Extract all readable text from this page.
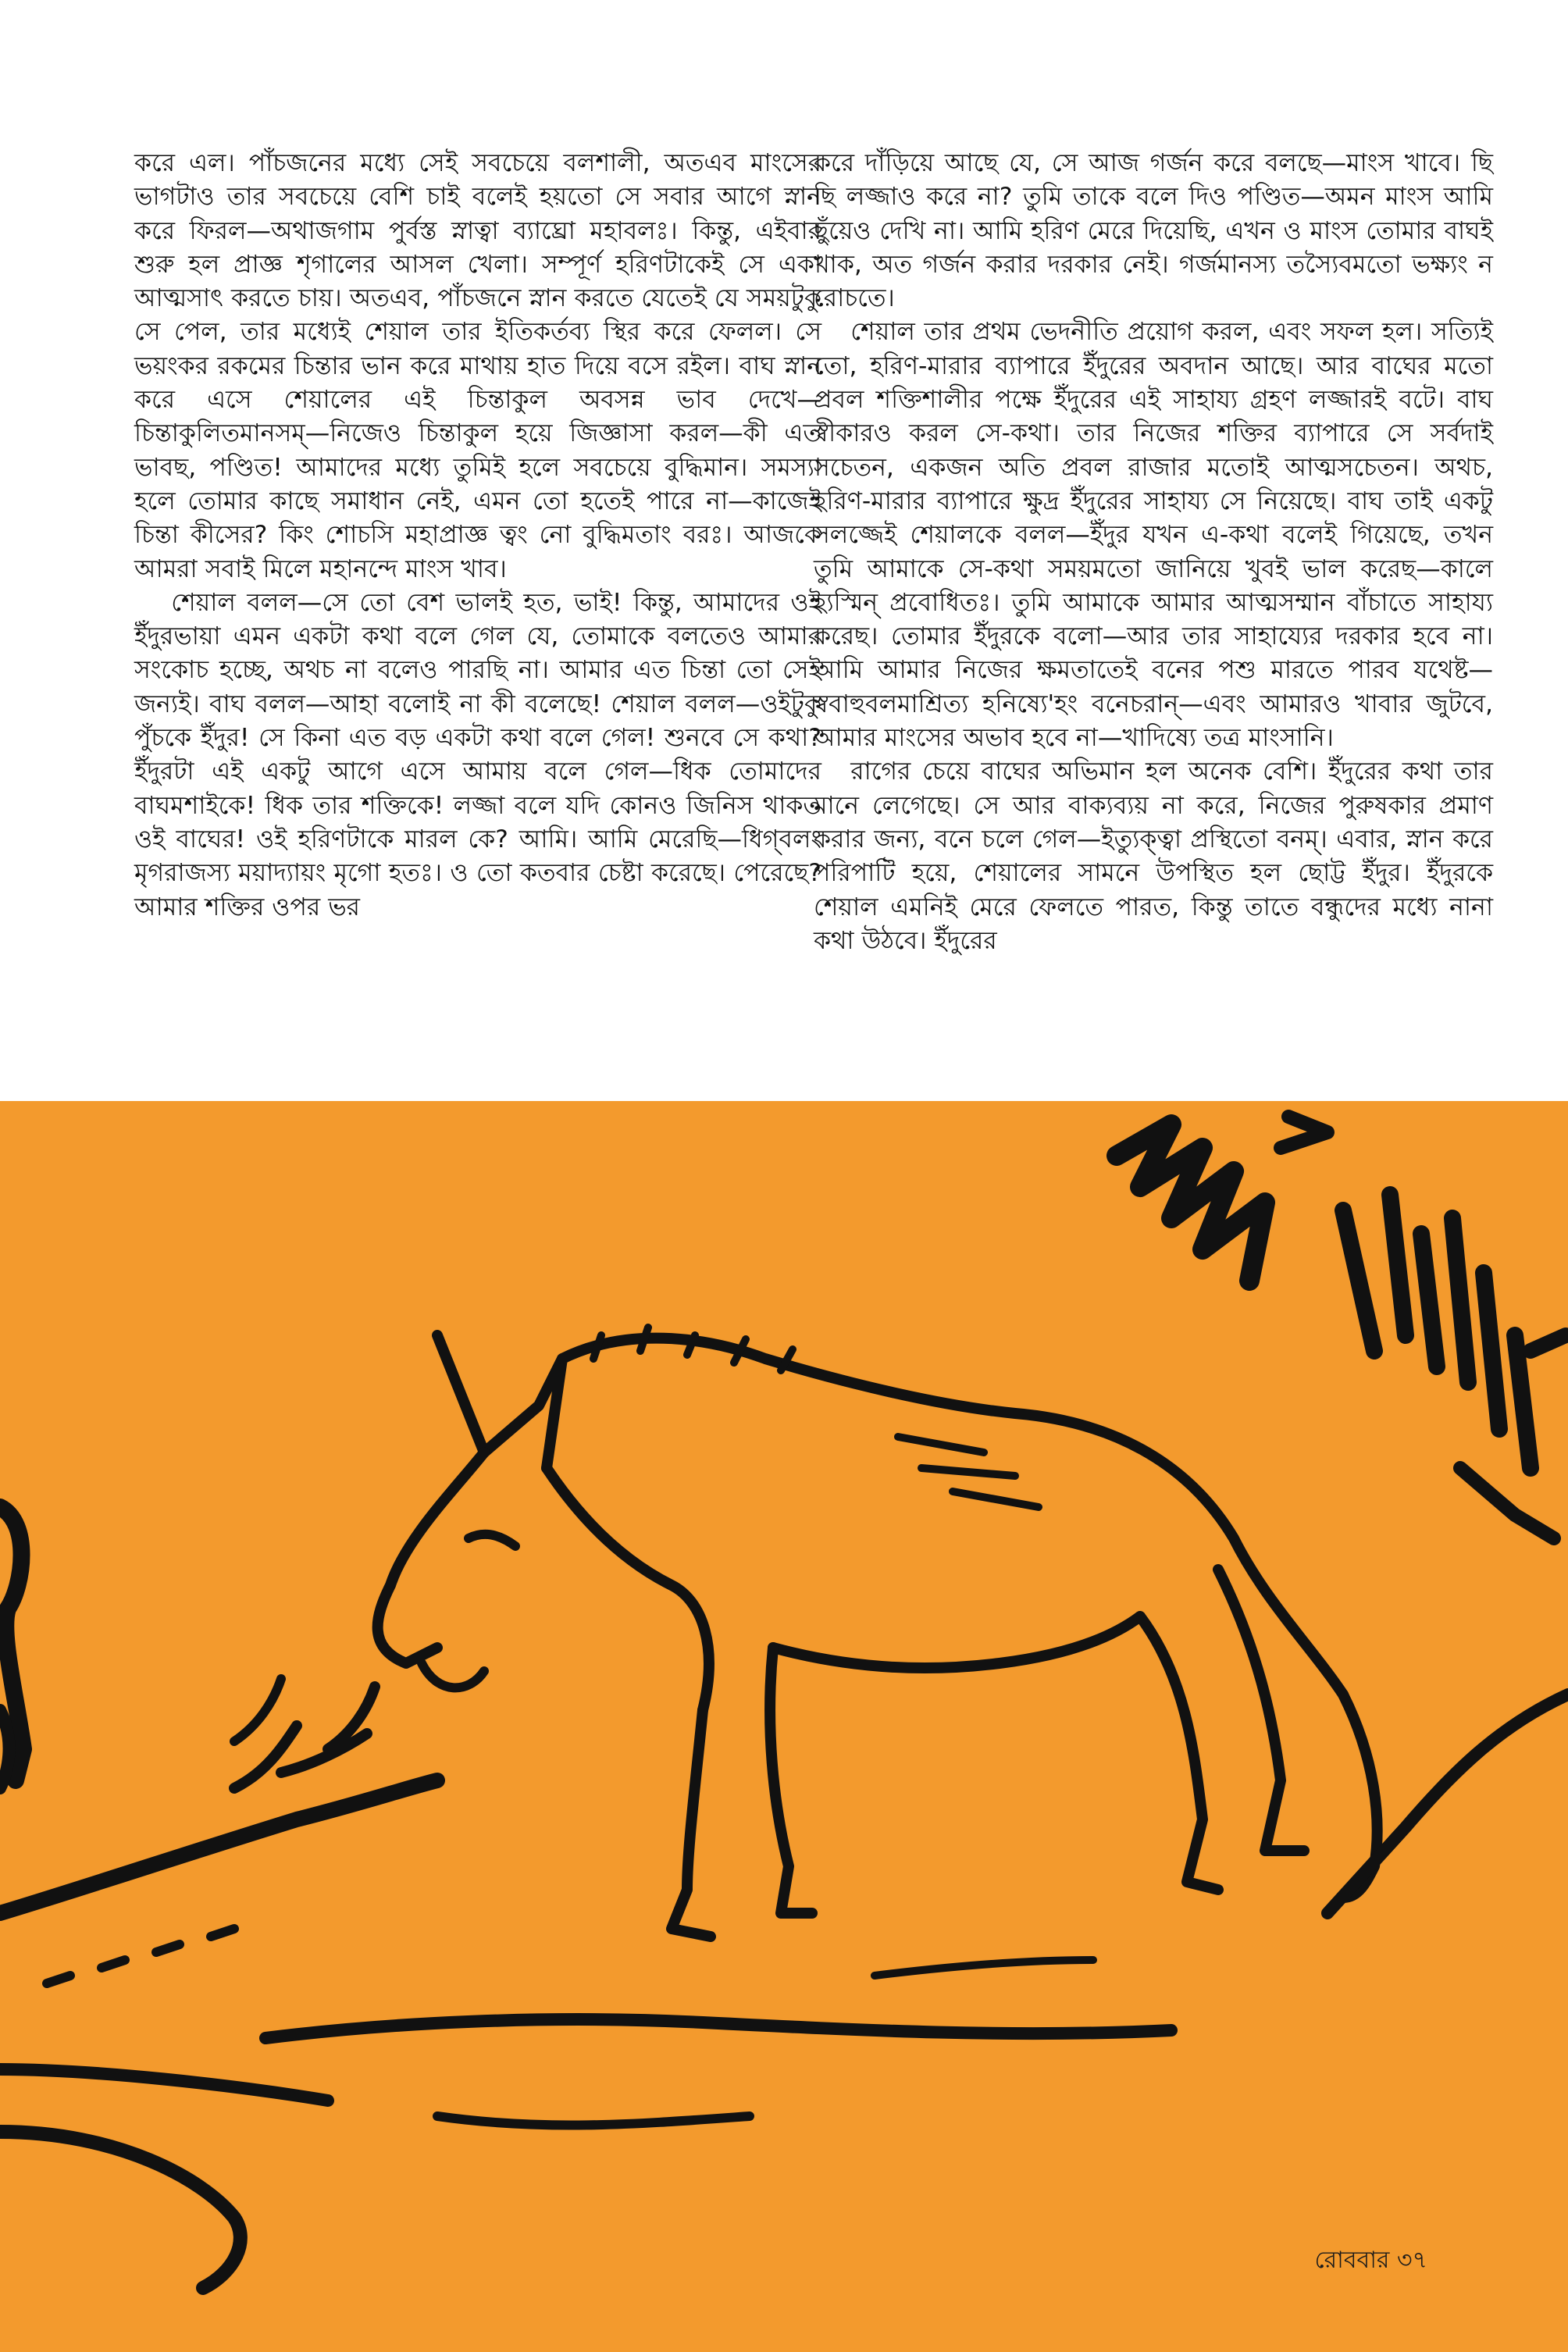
করে এল। পাঁচজনের মধ্যে সেই সবচেয়ে বলশালী, অতএব মাংসের ভাগটাও তার সবচেয়ে বেশি চাই বলেই হয়তো সে সবার আগে স্নান করে ফিরল—অথাজগাম পুর্বস্ত স্নাত্বা ব্যাঘ্রো মহাবলঃ। কিন্তু, এইবার শুরু হল প্রাজ্ঞ শৃগালের আসল খেলা। সম্পূর্ণ হরিণটাকেই সে একা আত্মসাৎ করতে চায়। অতএব, পাঁচজনে স্নান করতে যেতেই যে সময়টুকু সে পেল, তার মধ্যেই শেয়াল তার ইতিকর্তব্য স্থির করে ফেলল। সে ভয়ংকর রকমের চিন্তার ভান করে মাথায় হাত দিয়ে বসে রইল। বাঘ স্নান করে এসে শেয়ালের এই চিন্তাকুল অবসন্ন ভাব দেখে—চিন্তাকুলিতমানসম্—নিজেও চিন্তাকুল হয়ে জিজ্ঞাসা করল—কী এত ভাবছ, পণ্ডিত! আমাদের মধ্যে তুমিই হলে সবচেয়ে বুদ্ধিমান। সমস্যা হলে তোমার কাছে সমাধান নেই, এমন তো হতেই পারে না—কাজেই চিন্তা কীসের? কিং শোচসি মহাপ্রাজ্ঞ ত্বং নো বুদ্ধিমতাং বরঃ। আজকে আমরা সবাই মিলে মহানন্দে মাংস খাব।

শেয়াল বলল—সে তো বেশ ভালই হত, ভাই! কিন্তু, আমাদের ওই ইঁদুরভায়া এমন একটা কথা বলে গেল যে, তোমাকে বলতেও আমার সংকোচ হচ্ছে, অথচ না বলেও পারছি না। আমার এত চিন্তা তো সেই জন্যই। বাঘ বলল—আহা বলোই না কী বলেছে! শেয়াল বলল—ওইটুকু পুঁচকে ইঁদুর! সে কিনা এত বড় একটা কথা বলে গেল! শুনবে সে কথা? ইঁদুরটা এই একটু আগে এসে আমায় বলে গেল—ধিক তোমাদের বাঘমশাইকে! ধিক তার শক্তিকে! লজ্জা বলে যদি কোনও জিনিস থাকত ওই বাঘের! ওই হরিণটাকে মারল কে? আমি। আমি মেরেছি—ধিগ্‌বলং মৃগরাজস্য ময়াদ্যায়ং মৃগো হতঃ। ও তো কতবার চেষ্টা করেছে। পেরেছে? আমার শক্তির ওপর ভর

করে দাঁড়িয়ে আছে যে, সে আজ গর্জন করে বলছে—মাংস খাবে। ছি ছি লজ্জাও করে না? তুমি তাকে বলে দিও পণ্ডিত—অমন মাংস আমি ছুঁয়েও দেখি না। আমি হরিণ মেরে দিয়েছি, এখন ও মাংস তোমার বাঘই খাক, অত গর্জন করার দরকার নেই। গর্জমানস্য তস্যৈবমতো ভক্ষ্যং ন রোচতে।

শেয়াল তার প্রথম ভেদনীতি প্রয়োগ করল, এবং সফল হল। সত্যিই তো, হরিণ-মারার ব্যাপারে ইঁদুরের অবদান আছে। আর বাঘের মতো প্রবল শক্তিশালীর পক্ষে ইঁদুরের এই সাহায্য গ্রহণ লজ্জারই বটে। বাঘ স্বীকারও করল সে-কথা। তার নিজের শক্তির ব্যাপারে সে সর্বদাই সচেতন, একজন অতি প্রবল রাজার মতোই আত্মসচেতন। অথচ, হরিণ-মারার ব্যাপারে ক্ষুদ্র ইঁদুরের সাহায্য সে নিয়েছে। বাঘ তাই একটু সলজ্জেই শেয়ালকে বলল—ইঁদুর যখন এ-কথা বলেই গিয়েছে, তখন তুমি আমাকে সে-কথা সময়মতো জানিয়ে খুবই ভাল করেছ—কালে হ্যস্মিন্ প্রবোধিতঃ। তুমি আমাকে আমার আত্মসম্মান বাঁচাতে সাহায্য করেছ। তোমার ইঁদুরকে বলো—আর তার সাহায্যের দরকার হবে না। আমি আমার নিজের ক্ষমতাতেই বনের পশু মারতে পারব যথেষ্ট—স্ববাহুবলমাশ্রিত্য হনিষ্যে'হং বনেচরান্—এবং আমারও খাবার জুটবে, আমার মাংসের অভাব হবে না—খাদিষ্যে তত্র মাংসানি।

রাগের চেয়ে বাঘের অভিমান হল অনেক বেশি। ইঁদুরের কথা তার মানে লেগেছে। সে আর বাক্যব্যয় না করে, নিজের পুরুষকার প্রমাণ করার জন্য, বনে চলে গেল—ইত্যুক্ত্বা প্রস্থিতো বনম্। এবার, স্নান করে পরিপাটি হয়ে, শেয়ালের সামনে উপস্থিত হল ছোট্ট ইঁদুর। ইঁদুরকে শেয়াল এমনিই মেরে ফেলতে পারত, কিন্তু তাতে বন্ধুদের মধ্যে নানা কথা উঠবে। ইঁদুরের

রোববার ৩৭
